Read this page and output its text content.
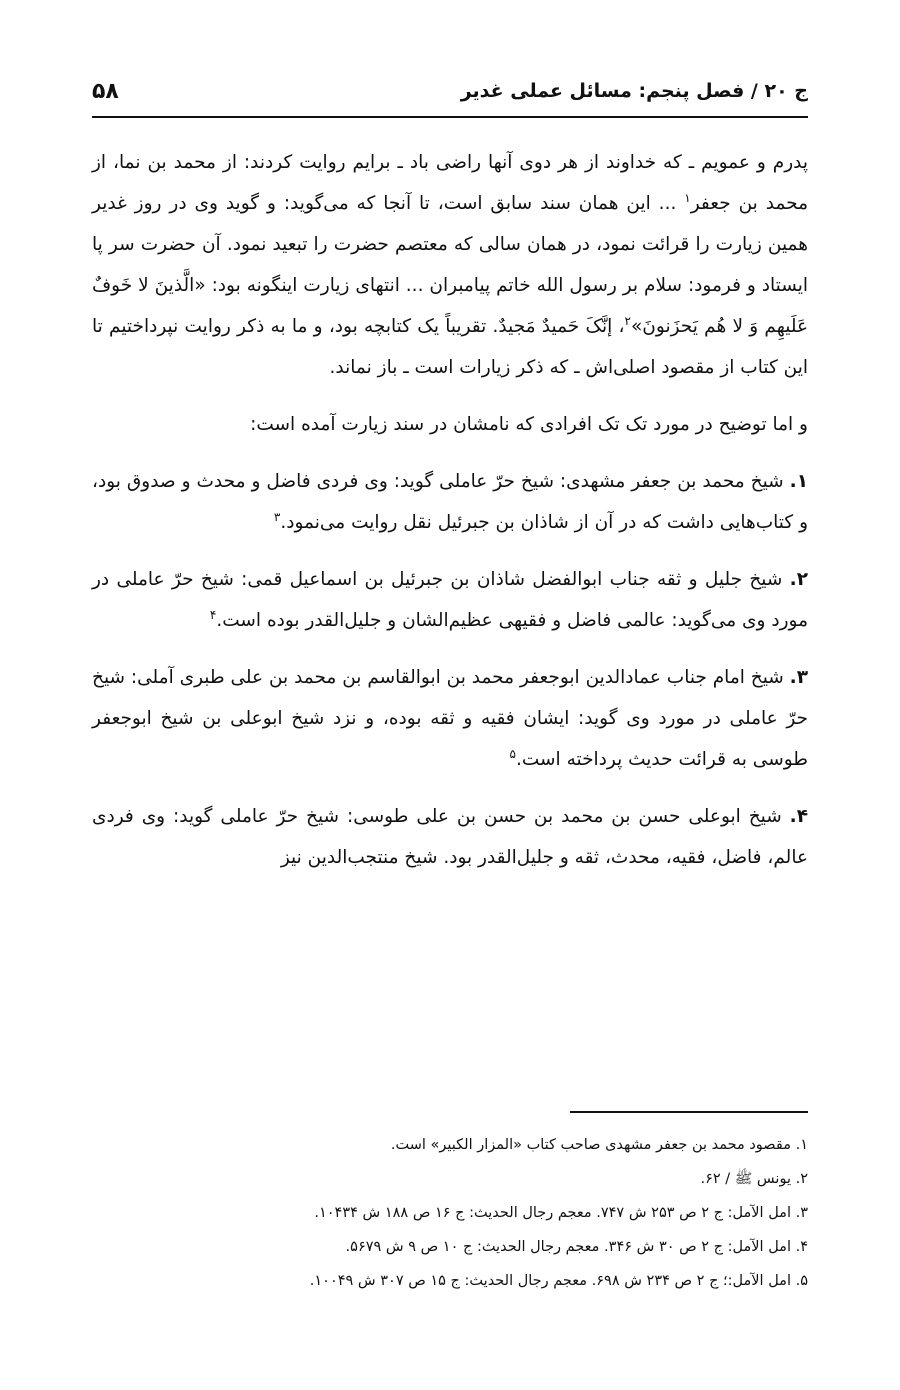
ج ۲۰ / فصل پنجم: مسائل عملی غدیر
۵۸

پدرم و عمویم ـ که خداوند از هر دوی آنها راضی باد ـ برایم روایت کردند: از محمد بن نما، از محمد بن جعفر$^۱$ ... این همان سند سابق است، تا آنجا که می‌گوید: و گوید وی در روز غدیر همین زیارت را قرائت نمود، در همان سالی که معتصم حضرت را تبعید نمود. آن حضرت سر پا ایستاد و فرمود: سلام بر رسول الله خاتم پیامبران ... انتهای زیارت اینگونه بود: «الَّذینَ لا خَوفٌ عَلَیهِم وَ لا هُم یَحزَنونَ»$^۲$، إنَّکَ حَمیدٌ مَجیدٌ. تقریباً یک کتابچه بود، و ما به ذکر روایت نپرداختیم تا این کتاب از مقصود اصلی‌اش ـ که ذکر زیارات است ـ باز نماند.

و اما توضیح در مورد تک تک افرادی که نامشان در سند زیارت آمده است:

۱. شیخ محمد بن جعفر مشهدی: شیخ حرّ عاملی گوید: وی فردی فاضل و محدث و صدوق بود، و کتاب‌هایی داشت که در آن از شاذان بن جبرئیل نقل روایت می‌نمود.$^۳$

۲. شیخ جلیل و ثقه جناب ابوالفضل شاذان بن جبرئیل بن اسماعیل قمی: شیخ حرّ عاملی در مورد وی می‌گوید: عالمی فاضل و فقیهی عظیم‌الشان و جلیل‌القدر بوده است.$^۴$

۳. شیخ امام جناب عمادالدین ابوجعفر محمد بن ابوالقاسم بن محمد بن علی طبری آملی: شیخ حرّ عاملی در مورد وی گوید: ایشان فقیه و ثقه بوده، و نزد شیخ ابوعلی بن شیخ ابوجعفر طوسی به قرائت حدیث پرداخته است.$^۵$

۴. شیخ ابوعلی حسن بن محمد بن حسن بن علی طوسی: شیخ حرّ عاملی گوید: وی فردی عالم، فاضل، فقیه، محدث، ثقه و جلیل‌القدر بود. شیخ منتجب‌الدین نیز

۱. مقصود محمد بن جعفر مشهدی صاحب کتاب «المزار الکبیر» است.
۲. یونس ﷺ / ۶۲.
۳. امل الآمل: ج ۲ ص ۲۵۳ ش ۷۴۷. معجم رجال الحدیث: ج ۱۶ ص ۱۸۸ ش ۱۰۴۳۴.
۴. امل الآمل: ج ۲ ص ۳۰ ش ۳۴۶. معجم رجال الحدیث: ج ۱۰ ص ۹ ش ۵۶۷۹.
۵. امل الآمل:؛ ج ۲ ص ۲۳۴ ش ۶۹۸. معجم رجال الحدیث: ج ۱۵ ص ۳۰۷ ش ۱۰۰۴۹.
